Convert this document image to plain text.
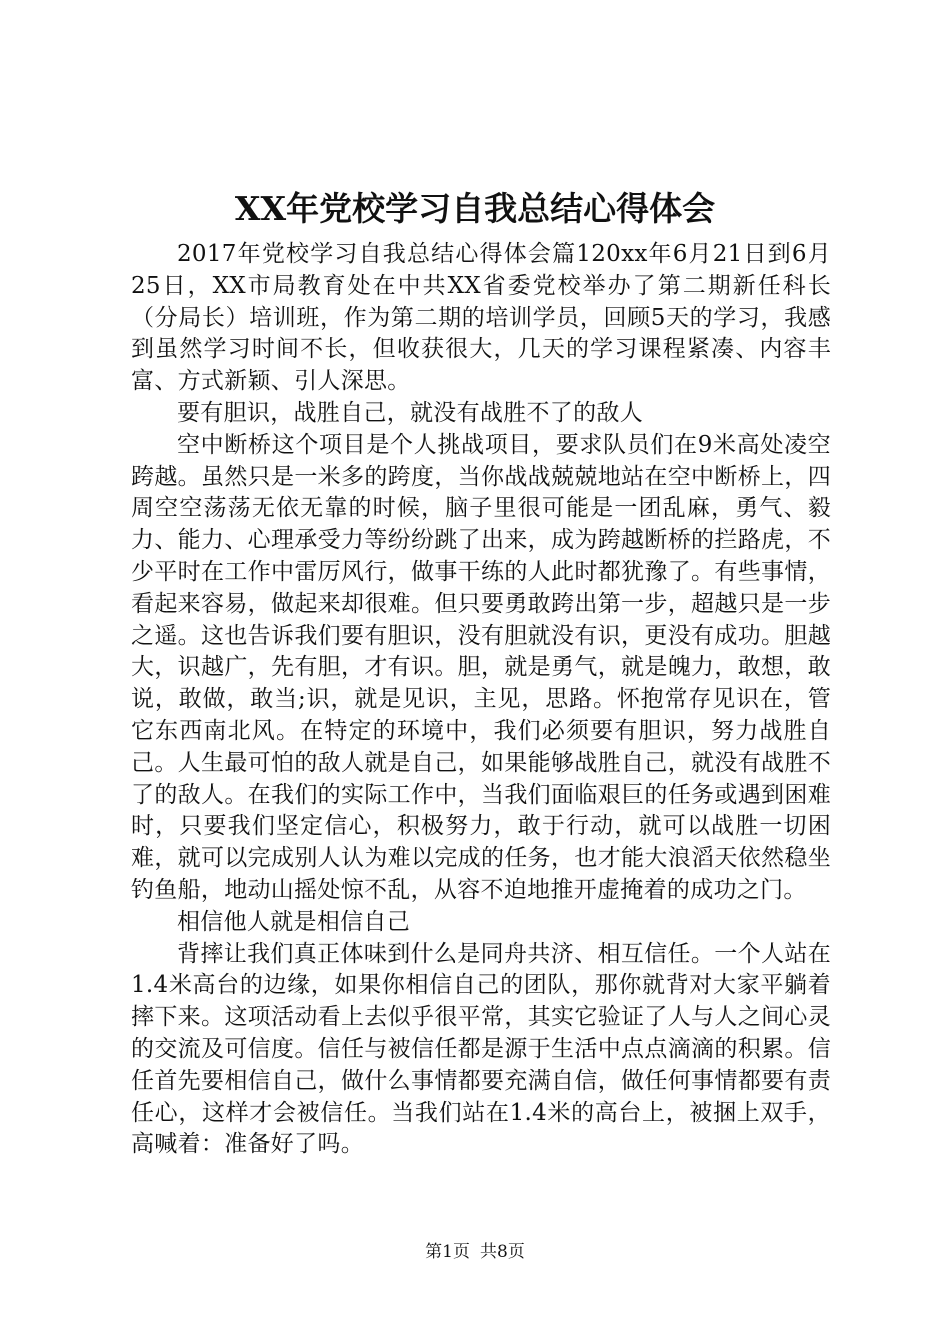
XX年党校学习自我总结心得体会

2017年党校学习自我总结心得体会篇120xx年6月21日到6月25日，XX市局教育处在中共XX省委党校举办了第二期新任科长（分局长）培训班，作为第二期的培训学员，回顾5天的学习，我感到虽然学习时间不长，但收获很大，几天的学习课程紧凑、内容丰富、方式新颖、引人深思。

要有胆识，战胜自己，就没有战胜不了的敌人

空中断桥这个项目是个人挑战项目，要求队员们在9米高处凌空跨越。虽然只是一米多的跨度，当你战战兢兢地站在空中断桥上，四周空空荡荡无依无靠的时候，脑子里很可能是一团乱麻，勇气、毅力、能力、心理承受力等纷纷跳了出来，成为跨越断桥的拦路虎，不少平时在工作中雷厉风行，做事干练的人此时都犹豫了。有些事情，看起来容易，做起来却很难。但只要勇敢跨出第一步，超越只是一步之遥。这也告诉我们要有胆识，没有胆就没有识，更没有成功。胆越大，识越广，先有胆，才有识。胆，就是勇气，就是魄力，敢想，敢说，敢做，敢当;识，就是见识，主见，思路。怀抱常存见识在，管它东西南北风。在特定的环境中，我们必须要有胆识，努力战胜自己。人生最可怕的敌人就是自己，如果能够战胜自己，就没有战胜不了的敌人。在我们的实际工作中，当我们面临艰巨的任务或遇到困难时，只要我们坚定信心，积极努力，敢于行动，就可以战胜一切困难，就可以完成别人认为难以完成的任务，也才能大浪滔天依然稳坐钓鱼船，地动山摇处惊不乱，从容不迫地推开虚掩着的成功之门。

相信他人就是相信自己

背摔让我们真正体味到什么是同舟共济、相互信任。一个人站在1.4米高台的边缘，如果你相信自己的团队，那你就背对大家平躺着摔下来。这项活动看上去似乎很平常，其实它验证了人与人之间心灵的交流及可信度。信任与被信任都是源于生活中点点滴滴的积累。信任首先要相信自己，做什么事情都要充满自信，做任何事情都要有责任心，这样才会被信任。当我们站在1.4米的高台上，被捆上双手，高喊着：准备好了吗。

第1页 共8页
